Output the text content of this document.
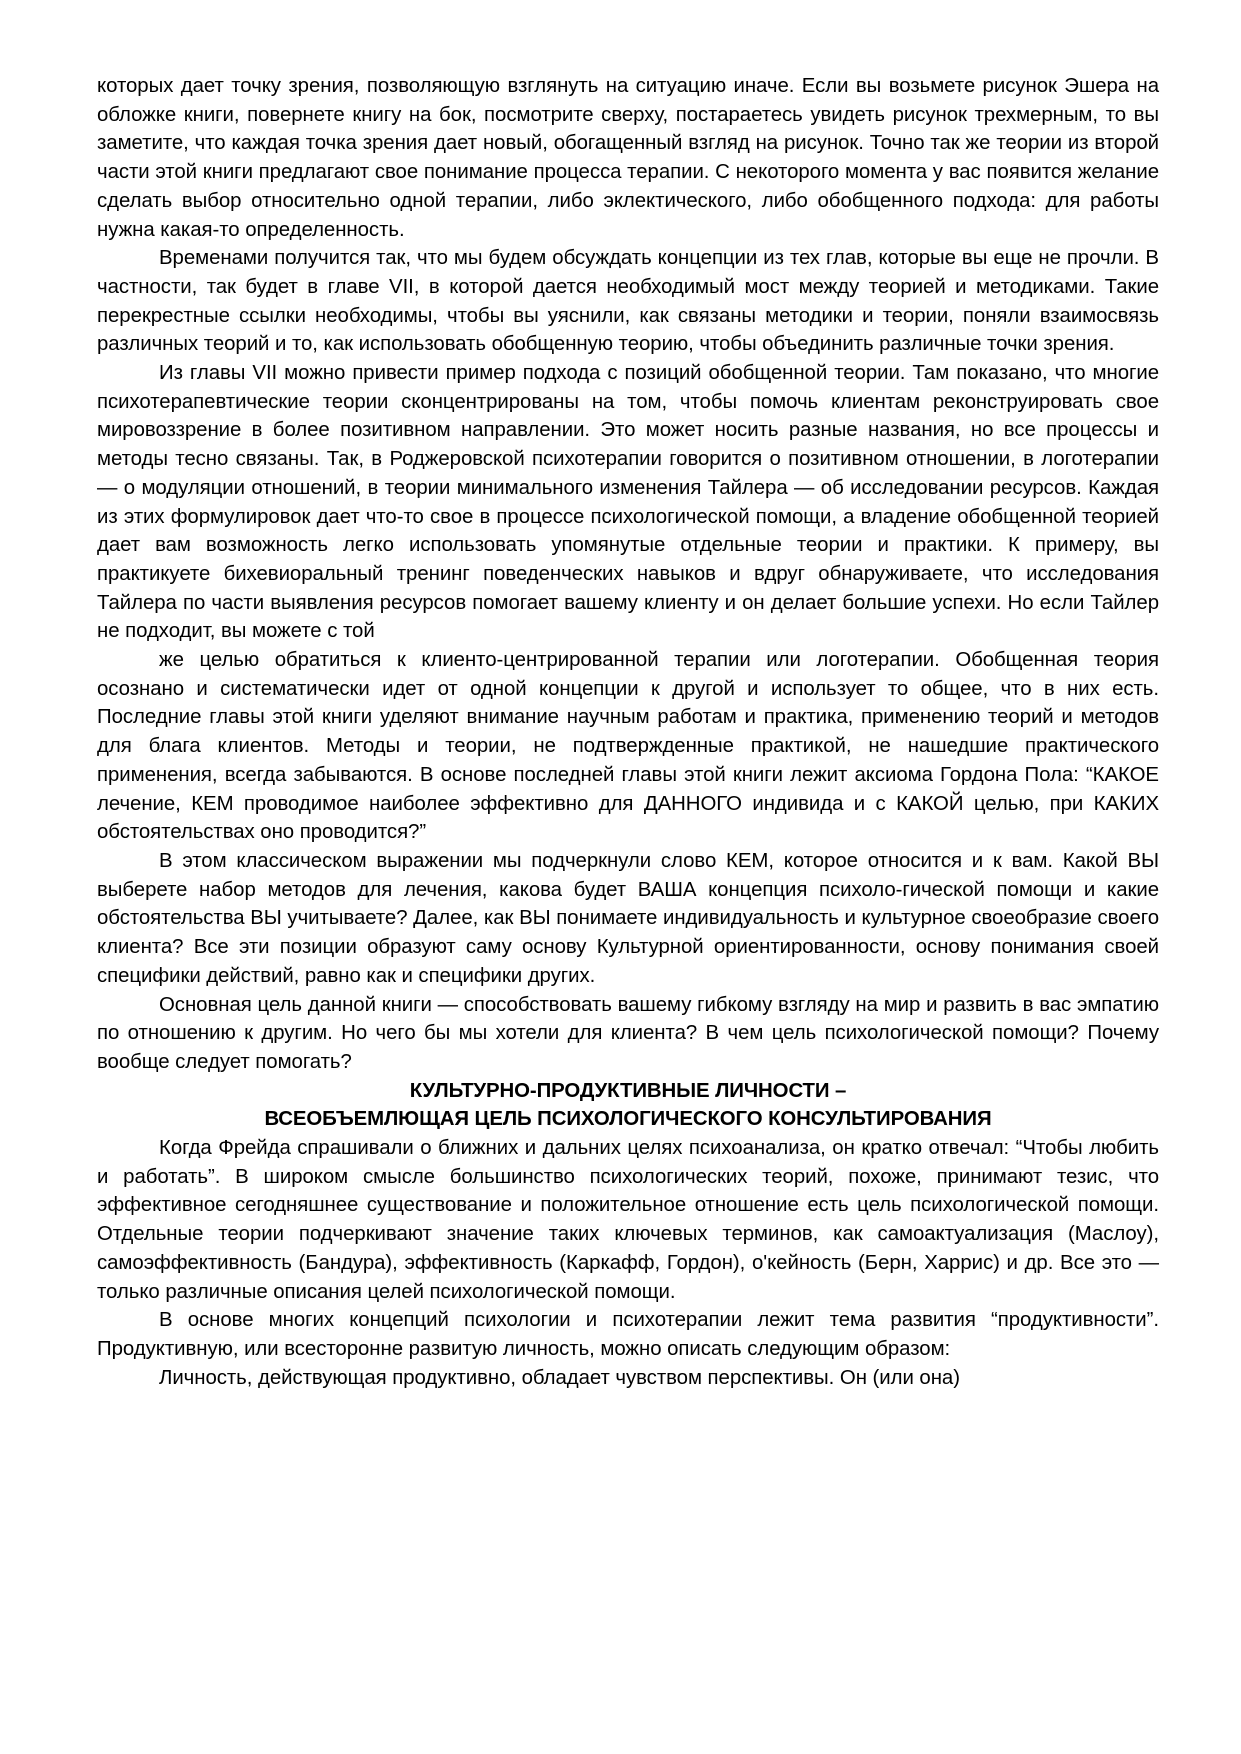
которых дает точку зрения, позволяющую взглянуть на ситуацию иначе. Если вы возьмете рисунок Эшера на обложке книги, повернете книгу на бок, посмотрите сверху, постараетесь увидеть рисунок трехмерным, то вы заметите, что каждая точка зрения дает новый, обогащенный взгляд на рисунок. Точно так же теории из второй части этой книги предлагают свое понимание процесса терапии. С некоторого момента у вас появится желание сделать выбор относительно одной терапии, либо эклектического, либо обобщенного подхода: для работы нужна какая-то определенность.

Временами получится так, что мы будем обсуждать концепции из тех глав, которые вы еще не прочли. В частности, так будет в главе VII, в которой дается необходимый мост между теорией и методиками. Такие перекрестные ссылки необходимы, чтобы вы уяснили, как связаны методики и теории, поняли взаимосвязь различных теорий и то, как использовать обобщенную теорию, чтобы объединить различные точки зрения.

Из главы VII можно привести пример подхода с позиций обобщенной теории. Там показано, что многие психотерапевтические теории сконцентрированы на том, чтобы помочь клиентам реконструировать свое мировоззрение в более позитивном направлении. Это может носить разные названия, но все процессы и методы тесно связаны. Так, в Роджеровской психотерапии говорится о позитивном отношении, в логотерапии — о модуляции отношений, в теории минимального изменения Тайлера — об исследовании ресурсов. Каждая из этих формулировок дает что-то свое в процессе психологической помощи, а владение обобщенной теорией дает вам возможность легко использовать упомянутые отдельные теории и практики. К примеру, вы практикуете бихевиоральный тренинг поведенческих навыков и вдруг обнаруживаете, что исследования Тайлера по части выявления ресурсов помогает вашему клиенту и он делает большие успехи. Но если Тайлер не подходит, вы можете с той

же целью обратиться к клиенто-центрированной терапии или логотерапии. Обобщенная теория осознано и систематически идет от одной концепции к другой и использует то общее, что в них есть. Последние главы этой книги уделяют внимание научным работам и практика, применению теорий и методов для блага клиентов. Методы и теории, не подтвержденные практикой, не нашедшие практического применения, всегда забываются. В основе последней главы этой книги лежит аксиома Гордона Пола: “КАКОЕ лечение, КЕМ проводимое наиболее эффективно для ДАННОГО индивида и с КАКОЙ целью, при КАКИХ обстоятельствах оно проводится?”

В этом классическом выражении мы подчеркнули слово КЕМ, которое относится и к вам. Какой ВЫ выберете набор методов для лечения, какова будет ВАША концепция психоло-гической помощи и какие обстоятельства ВЫ учитываете? Далее, как ВЫ понимаете индивидуальность и культурное своеобразие своего клиента? Все эти позиции образуют саму основу Культурной ориентированности, основу понимания своей специфики действий, равно как и специфики других.

Основная цель данной книги — способствовать вашему гибкому взгляду на мир и развить в вас эмпатию по отношению к другим. Но чего бы мы хотели для клиента? В чем цель психологической помощи? Почему вообще следует помогать?

КУЛЬТУРНО-ПРОДУКТИВНЫЕ ЛИЧНОСТИ –
ВСЕОБЪЕМЛЮЩАЯ ЦЕЛЬ ПСИХОЛОГИЧЕСКОГО КОНСУЛЬТИРОВАНИЯ

Когда Фрейда спрашивали о ближних и дальних целях психоанализа, он кратко отвечал: “Чтобы любить и работать”. В широком смысле большинство психологических теорий, похоже, принимают тезис, что эффективное сегодняшнее существование и положительное отношение есть цель психологической помощи. Отдельные теории подчеркивают значение таких ключевых терминов, как самоактуализация (Маслоу), самоэффективность (Бандура), эффективность (Каркафф, Гордон), о'кейность (Берн, Харрис) и др. Все это — только различные описания целей психологической помощи.

В основе многих концепций психологии и психотерапии лежит тема развития “продуктивности”. Продуктивную, или всесторонне развитую личность, можно описать следующим образом:

Личность, действующая продуктивно, обладает чувством перспективы. Он (или она)
